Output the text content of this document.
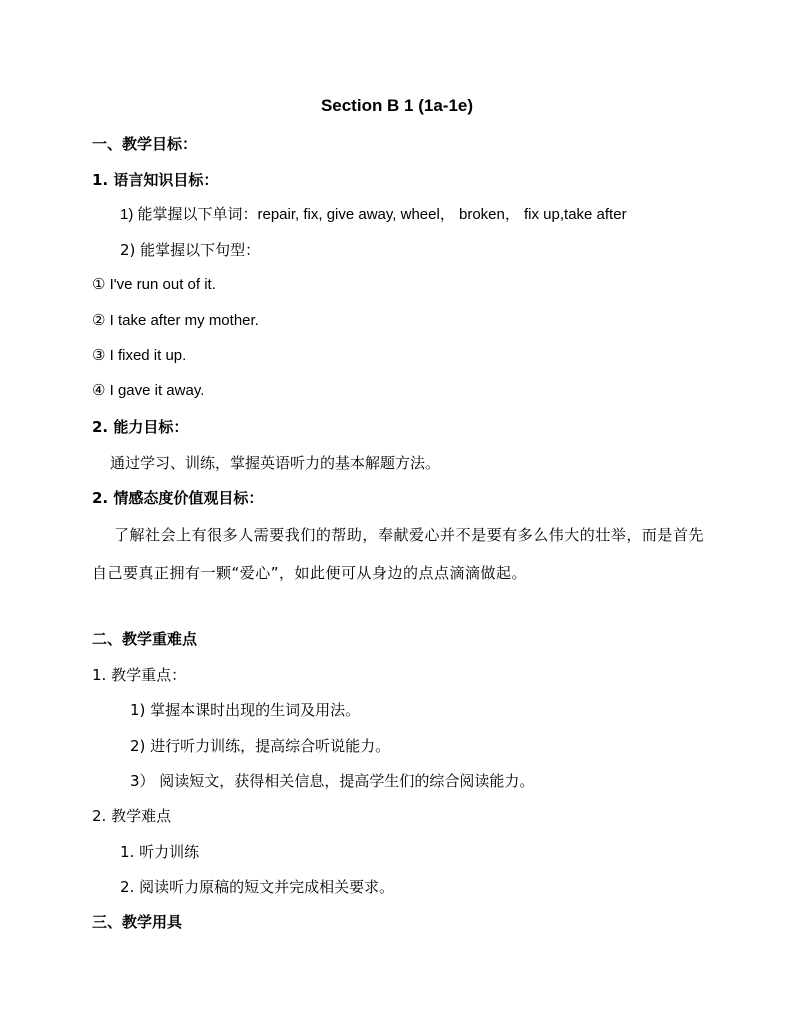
Section B 1 (1a-1e)
一、教学目标：
1. 语言知识目标：
1) 能掌握以下单词：repair, fix, give away, wheel， broken， fix up,take after
2) 能掌握以下句型：
① I've run out of it.
② I take after my mother.
③ I fixed it up.
④ I gave it away.
2. 能力目标：
通过学习、训练，掌握英语听力的基本解题方法。
2. 情感态度价值观目标：
了解社会上有很多人需要我们的帮助，奉献爱心并不是要有多么伟大的壮举，而是首先自己要真正拥有一颗“爱心”，如此便可从身边的点点滴滴做起。
二、教学重难点
1. 教学重点：
1) 掌握本课时出现的生词及用法。
2) 进行听力训练，提高综合听说能力。
3） 阅读短文，获得相关信息，提高学生们的综合阅读能力。
2. 教学难点
1. 听力训练
2. 阅读听力原稿的短文并完成相关要求。
三、教学用具
